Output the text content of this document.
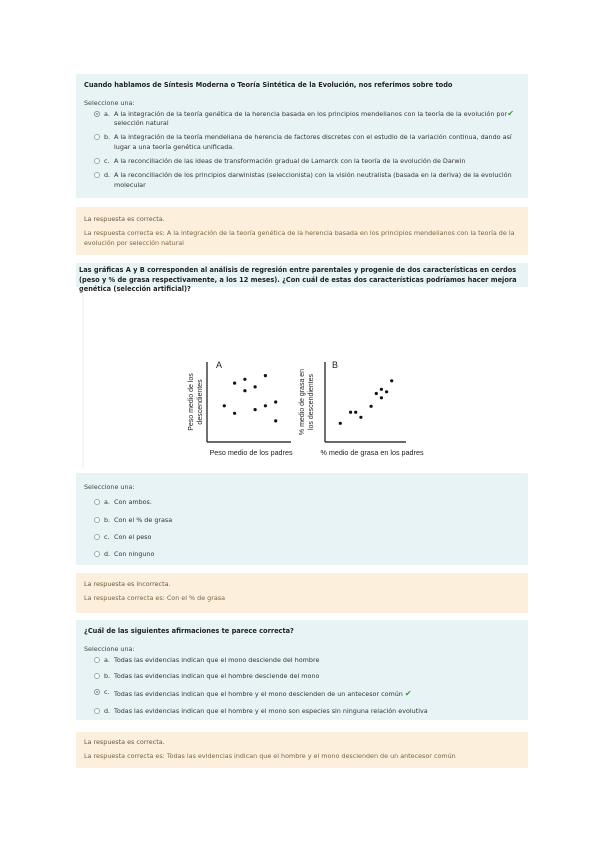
Cuando hablamos de Síntesis Moderna o Teoría Sintética de la Evolución, nos referimos sobre todo
Seleccione una:
a. A la integración de la teoría genética de la herencia basada en los principios mendelianos con la teoría de la evolución por selección natural
✔
b. A la integración de la teoría mendeliana de herencia de factores discretes con el estudio de la variación continua, dando así lugar a una teoría genética unificada.
c. A la reconciliación de las ideas de transformación gradual de Lamarck con la teoría de la evolución de Darwin
d. A la reconciliación de los principios darwinistas (seleccionista) con la visión neutralista (basada en la deriva) de la evolución molecular
La respuesta es correcta.
La respuesta correcta es: A la integración de la teoría genética de la herencia basada en los principios mendelianos con la teoría de la evolución por selección natural
Las gráficas A y B corresponden al análisis de regresión entre parentales y progenie de dos características en cerdos (peso y % de grasa respectivamente, a los 12 meses). ¿Con cuál de estas dos características podríamos hacer mejora genética (selección artificial)?
A
Peso medio de los padres
Peso medio de los descendientes
B
% medio de grasa en los padres
% medio de grasa en los descendientes
Seleccione una:
a. Con ambos.
b. Con el % de grasa
c. Con el peso
d. Con ninguno
La respuesta es incorrecta.
La respuesta correcta es: Con el % de grasa
¿Cuál de las siguientes afirmaciones te parece correcta?
Seleccione una:
a. Todas las evidencias indican que el mono desciende del hombre
b. Todas las evidencias indican que el hombre desciende del mono
c. Todas las evidencias indican que el hombre y el mono descienden de un antecesor común ✔
d. Todas las evidencias indican que el hombre y el mono son especies sin ninguna relación evolutiva
La respuesta es correcta.
La respuesta correcta es: Todas las evidencias indican que el hombre y el mono descienden de un antecesor común
